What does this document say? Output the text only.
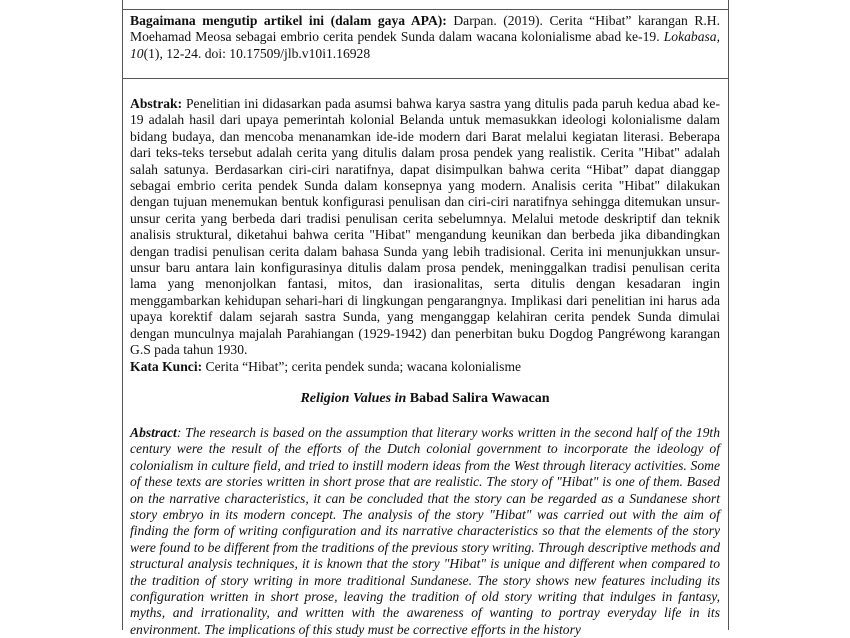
Bagaimana mengutip artikel ini (dalam gaya APA): Darpan. (2019). Cerita “Hibat” karangan R.H. Moehamad Meosa sebagai embrio cerita pendek Sunda dalam wacana kolonialisme abad ke-19. Lokabasa, 10(1), 12-24. doi: 10.17509/jlb.v10i1.16928
Abstrak: Penelitian ini didasarkan pada asumsi bahwa karya sastra yang ditulis pada paruh kedua abad ke-19 adalah hasil dari upaya pemerintah kolonial Belanda untuk memasukkan ideologi kolonialisme dalam bidang budaya, dan mencoba menanamkan ide-ide modern dari Barat melalui kegiatan literasi. Beberapa dari teks-teks tersebut adalah cerita yang ditulis dalam prosa pendek yang realistik. Cerita "Hibat" adalah salah satunya. Berdasarkan ciri-ciri naratifnya, dapat disimpulkan bahwa cerita “Hibat” dapat dianggap sebagai embrio cerita pendek Sunda dalam konsepnya yang modern. Analisis cerita "Hibat" dilakukan dengan tujuan menemukan bentuk konfigurasi penulisan dan ciri-ciri naratifnya sehingga ditemukan unsur-unsur cerita yang berbeda dari tradisi penulisan cerita sebelumnya. Melalui metode deskriptif dan teknik analisis struktural, diketahui bahwa cerita "Hibat" mengandung keunikan dan berbeda jika dibandingkan dengan tradisi penulisan cerita dalam bahasa Sunda yang lebih tradisional. Cerita ini menunjukkan unsur-unsur baru antara lain konfigurasinya ditulis dalam prosa pendek, meninggalkan tradisi penulisan cerita lama yang menonjolkan fantasi, mitos, dan irasionalitas, serta ditulis dengan kesadaran ingin menggambarkan kehidupan sehari-hari di lingkungan pengarangnya. Implikasi dari penelitian ini harus ada upaya korektif dalam sejarah sastra Sunda, yang menganggap kelahiran cerita pendek Sunda dimulai dengan munculnya majalah Parahiangan (1929-1942) dan penerbitan buku Dogdog Pangréwong karangan G.S pada tahun 1930.
Kata Kunci: Cerita “Hibat”; cerita pendek sunda; wacana kolonialisme
Religion Values in Babad Salira Wawacan
Abstract: The research is based on the assumption that literary works written in the second half of the 19th century were the result of the efforts of the Dutch colonial government to incorporate the ideology of colonialism in culture field, and tried to instill modern ideas from the West through literacy activities. Some of these texts are stories written in short prose that are realistic. The story of "Hibat" is one of them. Based on the narrative characteristics, it can be concluded that the story can be regarded as a Sundanese short story embryo in its modern concept. The analysis of the story "Hibat" was carried out with the aim of finding the form of writing configuration and its narrative characteristics so that the elements of the story were found to be different from the traditions of the previous story writing. Through descriptive methods and structural analysis techniques, it is known that the story "Hibat" is unique and different when compared to the tradition of story writing in more traditional Sundanese. The story shows new features including its configuration written in short prose, leaving the tradition of old story writing that indulges in fantasy, myths, and irrationality, and written with the awareness of wanting to portray everyday life in its environment. The implications of this study must be corrective efforts in the history
